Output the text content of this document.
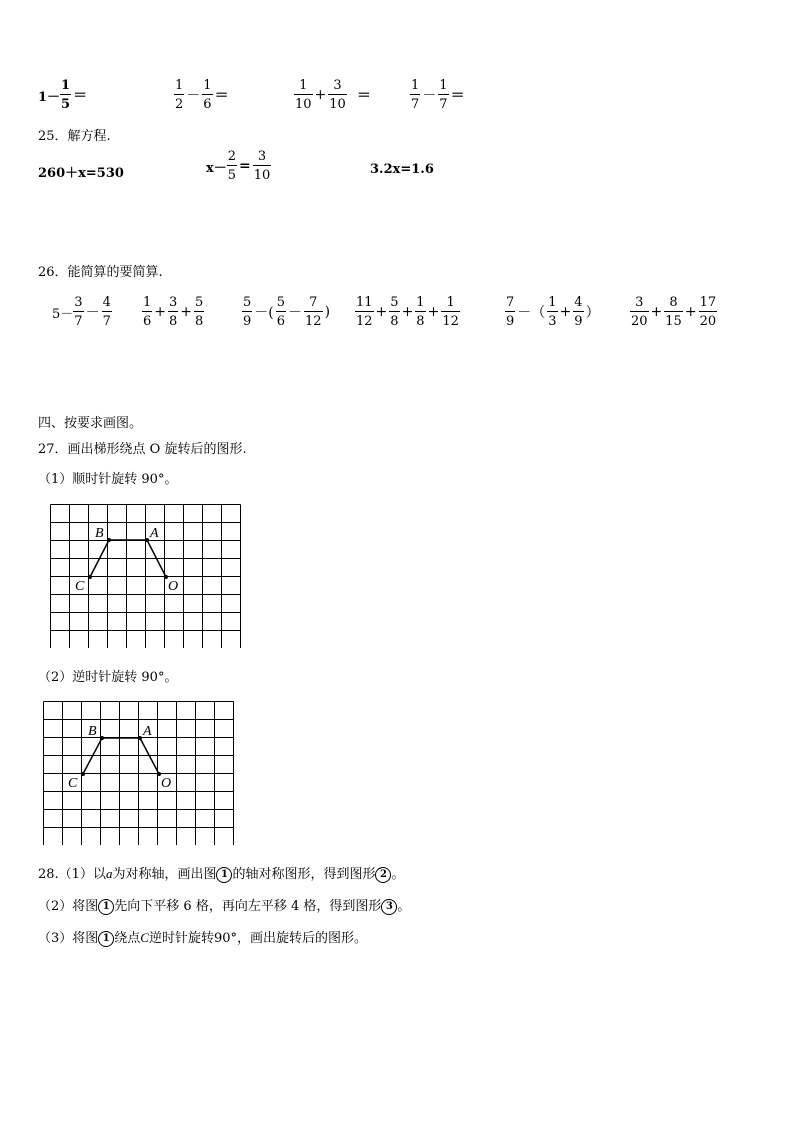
$1- \frac{1}{5}$ ＝	$\frac{1}{2} - \frac{1}{6}$ ＝	$\frac{1}{10} + \frac{3}{10}$ ＝	$\frac{1}{7} - \frac{1}{7}$ ＝
25．解方程.
260＋x=530	$x- \frac{2}{5} = \frac{3}{10}$	3.2x=1.6
26．能简算的要简算.
$5- \frac{3}{7} - \frac{4}{7} \frac{1}{6} + \frac{3}{8} + \frac{5}{8}$	$\frac{5}{9}$ －( $\frac{5}{6} - \frac{7}{12}$ ) $\frac{11}{12} + \frac{5}{8} + \frac{1}{8} + \frac{1}{12}$	$\frac{7}{9}$ －（ $\frac{1}{3} + \frac{4}{9}$ ） $\frac{3}{20} + \frac{8}{15} + \frac{17}{20}$
四、按要求画图。
27．画出梯形绕点 O 旋转后的图形.
（1）顺时针旋转 90°。
B	A
C	O
（2）逆时针旋转 90°。
B	A
C	O
28.（1）以a为对称轴，画出图 1 的轴对称图形，得到图形 2 。
（2）将图 1 先向下平移 6 格，再向左平移 4 格，得到图形 3 。
（3）将图 1 绕点C逆时针旋转90°，画出旋转后的图形。
